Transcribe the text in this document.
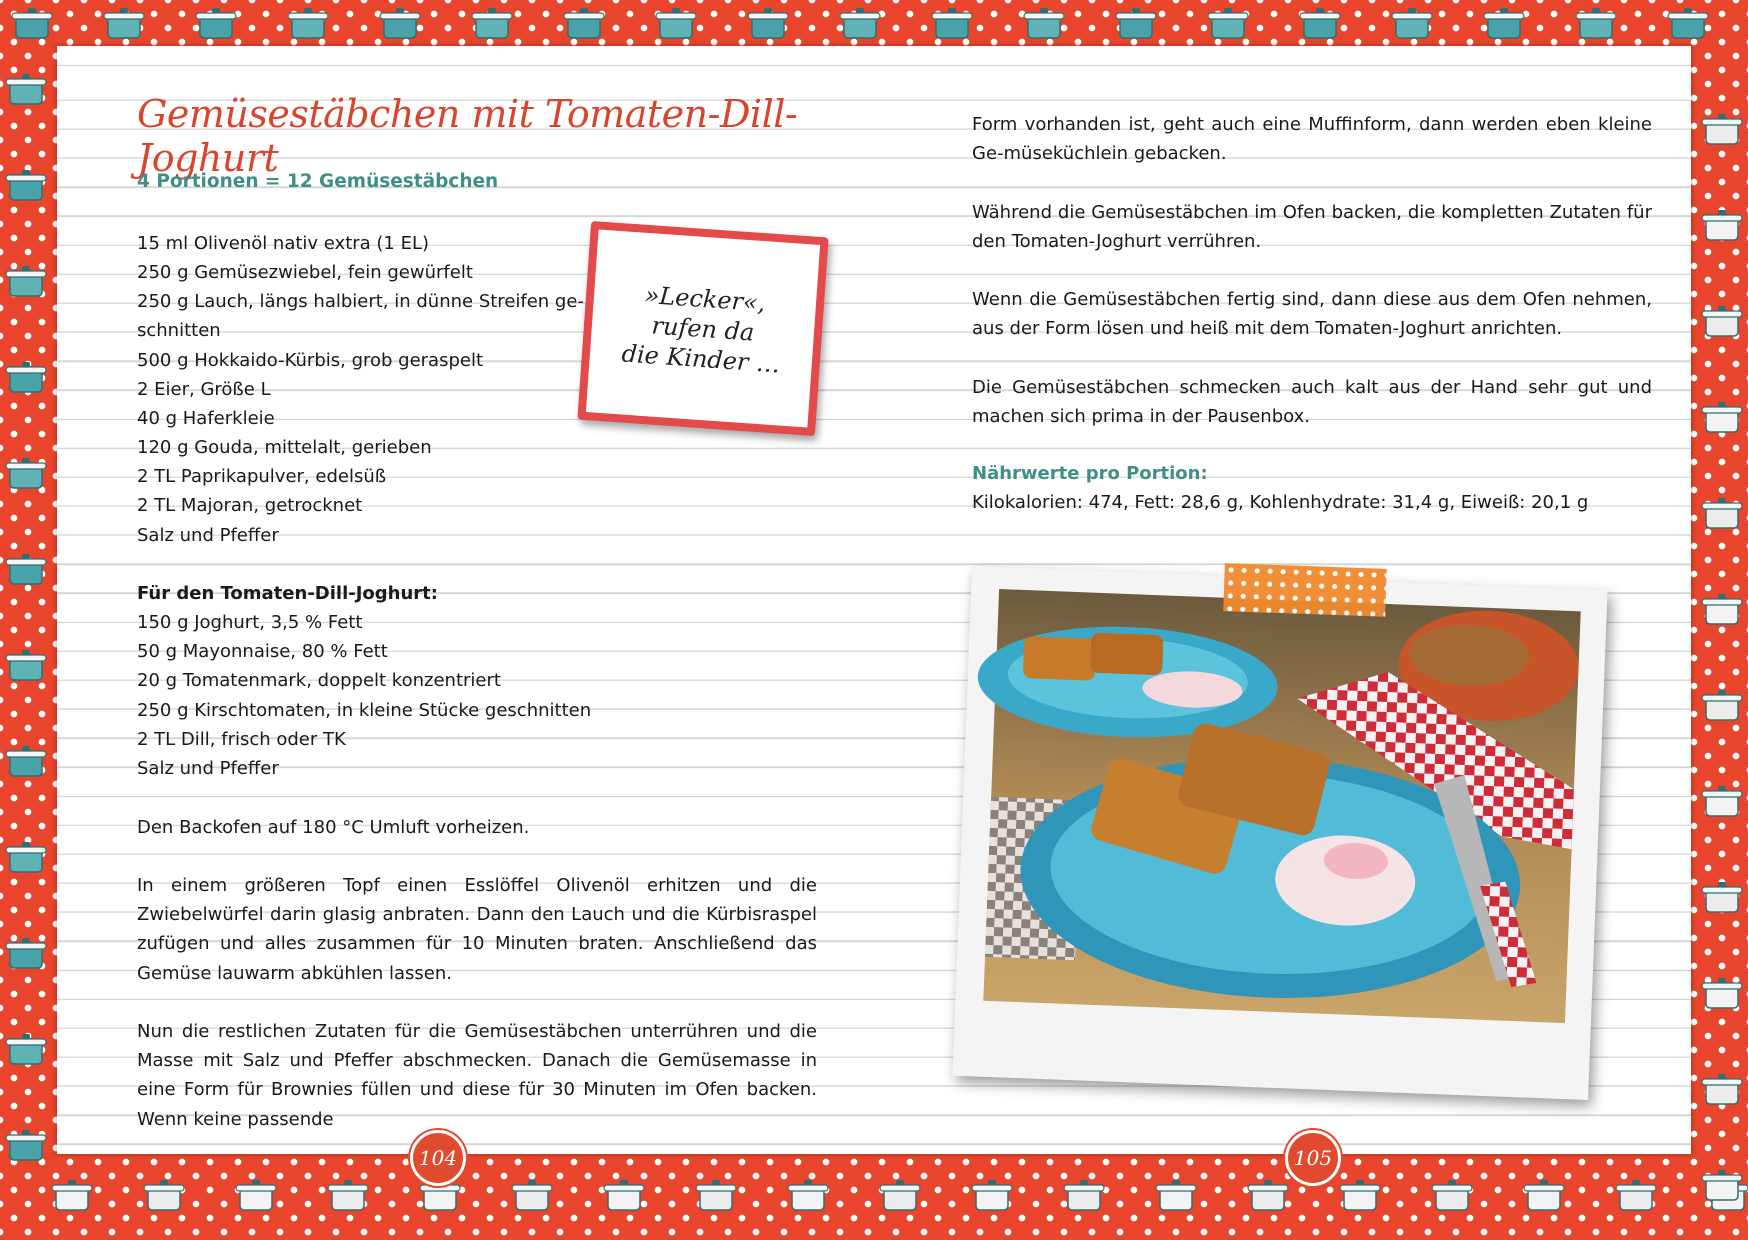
Gemüsestäbchen mit Tomaten-Dill-Joghurt
4 Portionen = 12 Gemüsestäbchen
15 ml Olivenöl nativ extra (1 EL)
250 g Gemüsezwiebel, fein gewürfelt
250 g Lauch, längs halbiert, in dünne Streifen ge-
schnitten
500 g Hokkaido-Kürbis, grob geraspelt
2 Eier, Größe L
40 g Haferkleie
120 g Gouda, mittelalt, gerieben
2 TL Paprikapulver, edelsüß
2 TL Majoran, getrocknet
Salz und Pfeffer
Für den Tomaten-Dill-Joghurt:
150 g Joghurt, 3,5 % Fett
50 g Mayonnaise, 80 % Fett
20 g Tomatenmark, doppelt konzentriert
250 g Kirschtomaten, in kleine Stücke geschnitten
2 TL Dill, frisch oder TK
Salz und Pfeffer
Den Backofen auf 180 °C Umluft vorheizen.
In einem größeren Topf einen Esslöffel Olivenöl erhitzen und die Zwiebelwürfel darin glasig anbraten. Dann den Lauch und die Kürbisraspel zufügen und alles zusammen für 10 Minuten braten. Anschließend das Gemüse lauwarm abkühlen lassen.
Nun die restlichen Zutaten für die Gemüsestäbchen unterrühren und die Masse mit Salz und Pfeffer abschmecken. Danach die Gemüsemasse in eine Form für Brownies füllen und diese für 30 Minuten im Ofen backen. Wenn keine passende
Form vorhanden ist, geht auch eine Muffinform, dann werden eben kleine Ge-müseküchlein gebacken.
Während die Gemüsestäbchen im Ofen backen, die kompletten Zutaten für den Tomaten-Joghurt verrühren.
Wenn die Gemüsestäbchen fertig sind, dann diese aus dem Ofen nehmen, aus der Form lösen und heiß mit dem Tomaten-Joghurt anrichten.
Die Gemüsestäbchen schmecken auch kalt aus der Hand sehr gut und machen sich prima in der Pausenbox.
Nährwerte pro Portion:
Kilokalorien: 474, Fett: 28,6 g, Kohlenhydrate: 31,4 g, Eiweiß: 20,1 g
»Lecker«,
rufen da
die Kinder …
104	105
